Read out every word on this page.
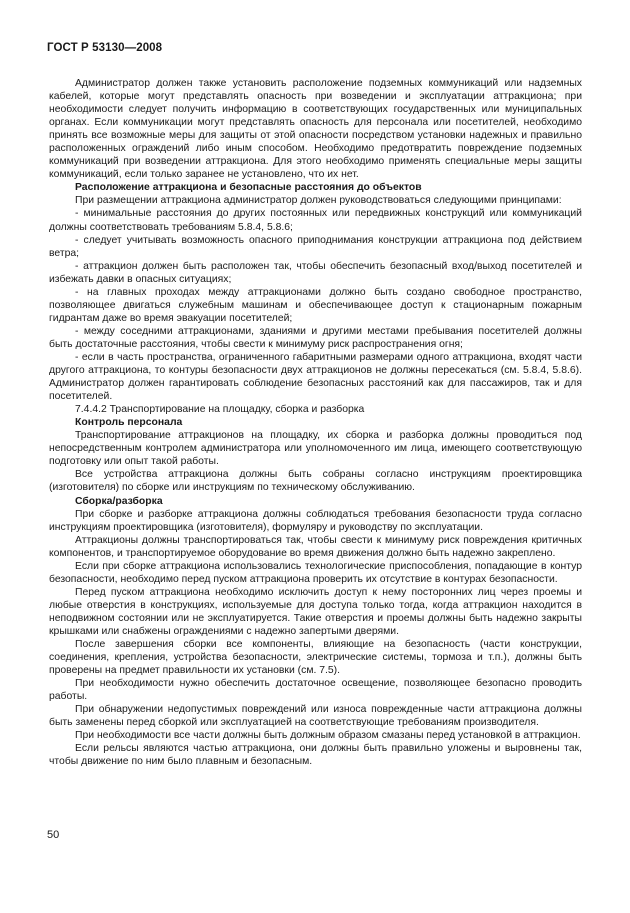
ГОСТ Р 53130—2008

Администратор должен также установить расположение подземных коммуникаций или надземных кабелей, которые могут представлять опасность при возведении и эксплуатации аттракциона; при необходимости следует получить информацию в соответствующих государственных или муниципальных органах. Если коммуникации могут представлять опасность для персонала или посетителей, необходимо принять все возможные меры для защиты от этой опасности посредством установки надежных и правильно расположенных ограждений либо иным способом. Необходимо предотвратить повреждение подземных коммуникаций при возведении аттракциона. Для этого необходимо применять специальные меры защиты коммуникаций, если только заранее не установлено, что их нет.

Расположение аттракциона и безопасные расстояния до объектов

При размещении аттракциона администратор должен руководствоваться следующими принципами:

- минимальные расстояния до других постоянных или передвижных конструкций или коммуникаций должны соответствовать требованиям 5.8.4, 5.8.6;

- следует учитывать возможность опасного приподнимания конструкции аттракциона под действием ветра;

- аттракцион должен быть расположен так, чтобы обеспечить безопасный вход/выход посетителей и избежать давки в опасных ситуациях;

- на главных проходах между аттракционами должно быть создано свободное пространство, позволяющее двигаться служебным машинам и обеспечивающее доступ к стационарным пожарным гидрантам даже во время эвакуации посетителей;

- между соседними аттракционами, зданиями и другими местами пребывания посетителей должны быть достаточные расстояния, чтобы свести к минимуму риск распространения огня;

- если в часть пространства, ограниченного габаритными размерами одного аттракциона, входят части другого аттракциона, то контуры безопасности двух аттракционов не должны пересекаться (см. 5.8.4, 5.8.6). Администратор должен гарантировать соблюдение безопасных расстояний как для пассажиров, так и для посетителей.

7.4.4.2 Транспортирование на площадку, сборка и разборка

Контроль персонала

Транспортирование аттракционов на площадку, их сборка и разборка должны проводиться под непосредственным контролем администратора или уполномоченного им лица, имеющего соответствующую подготовку или опыт такой работы.

Все устройства аттракциона должны быть собраны согласно инструкциям проектировщика (изготовителя) по сборке или инструкциям по техническому обслуживанию.

Сборка/разборка

При сборке и разборке аттракциона должны соблюдаться требования безопасности труда согласно инструкциям проектировщика (изготовителя), формуляру и руководству по эксплуатации.

Аттракционы должны транспортироваться так, чтобы свести к минимуму риск повреждения критичных компонентов, и транспортируемое оборудование во время движения должно быть надежно закреплено.

Если при сборке аттракциона использовались технологические приспособления, попадающие в контур безопасности, необходимо перед пуском аттракциона проверить их отсутствие в контурах безопасности.

Перед пуском аттракциона необходимо исключить доступ к нему посторонних лиц через проемы и любые отверстия в конструкциях, используемые для доступа только тогда, когда аттракцион находится в неподвижном состоянии или не эксплуатируется. Такие отверстия и проемы должны быть надежно закрыты крышками или снабжены ограждениями с надежно запертыми дверями.

После завершения сборки все компоненты, влияющие на безопасность (части конструкции, соединения, крепления, устройства безопасности, электрические системы, тормоза и т.п.), должны быть проверены на предмет правильности их установки (см. 7.5).

При необходимости нужно обеспечить достаточное освещение, позволяющее безопасно проводить работы.

При обнаружении недопустимых повреждений или износа поврежденные части аттракциона должны быть заменены перед сборкой или эксплуатацией на соответствующие требованиям производителя.

При необходимости все части должны быть должным образом смазаны перед установкой в аттракцион.

Если рельсы являются частью аттракциона, они должны быть правильно уложены и выровнены так, чтобы движение по ним было плавным и безопасным.

50
